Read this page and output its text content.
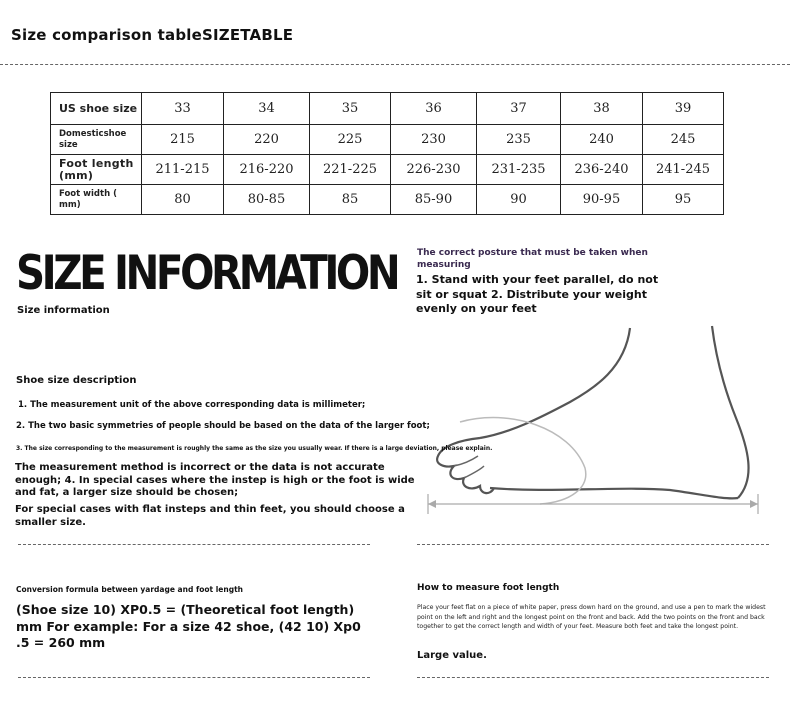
Size comparison tableSIZETABLE
US shoe size	33	34	35	36	37	38	39
Domesticshoe size	215	220	225	230	235	240	245
Foot length (mm)	211-215	216-220	221-225	226-230	231-235	236-240	241-245
Foot width ( mm)	80	80-85	85	85-90	90	90-95	95
SIZE INFORMATION
Size information
The correct posture that must be taken when measuring
1. Stand with your feet parallel, do not sit or squat 2. Distribute your weight evenly on your feet
Shoe size description
1. The measurement unit of the above corresponding data is millimeter;
2. The two basic symmetries of people should be based on the data of the larger foot;
3. The size corresponding to the measurement is roughly the same as the size you usually wear. If there is a large deviation, please explain.
The measurement method is incorrect or the data is not accurate enough; 4. In special cases where the instep is high or the foot is wide and fat, a larger size should be chosen;
For special cases with flat insteps and thin feet, you should choose a smaller size.
Conversion formula between yardage and foot length
(Shoe size 10) XP0.5 = (Theoretical foot length) mm For example: For a size 42 shoe, (42 10) Xp0 .5 = 260 mm
How to measure foot length
Place your feet flat on a piece of white paper, press down hard on the ground, and use a pen to mark the widest point on the left and right and the longest point on the front and back. Add the two points on the front and back together to get the correct length and width of your feet. Measure both feet and take the longest point.
Large value.
